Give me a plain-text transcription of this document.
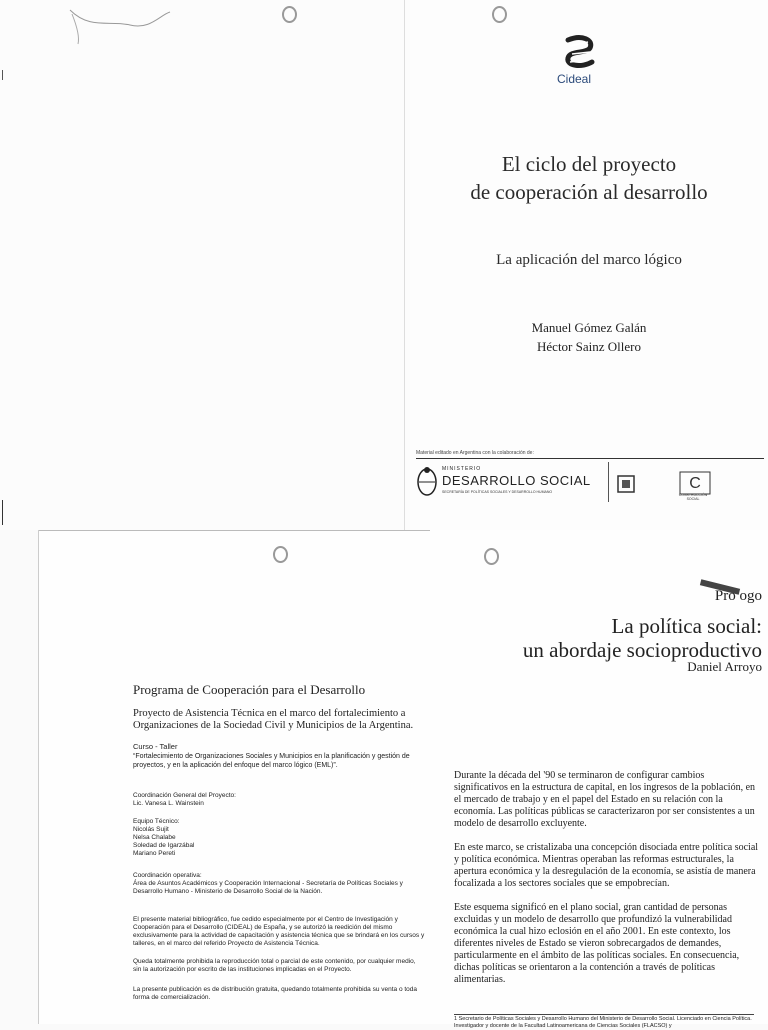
Cideal
El ciclo del proyecto
de cooperación al desarrollo
La aplicación del marco lógico
Manuel Gómez Galán
Héctor Sainz Ollero
Material editado en Argentina con la colaboración de:
MINISTERIO
DESARROLLO SOCIAL
SECRETARÍA DE POLÍTICAS SOCIALES Y DESARROLLO HUMANO	C
CONSTRUCCIÓN SOCIAL
Programa de Cooperación para el Desarrollo
Proyecto de Asistencia Técnica en el marco del fortalecimiento a Organizaciones de la Sociedad Civil y Municipios de la Argentina.
Curso - Taller
“Fortalecimiento de Organizaciones Sociales y Municipios en la planificación y gestión de proyectos, y en la aplicación del enfoque del marco lógico (EML)”.
Coordinación General del Proyecto:
Lic. Vanesa L. Wainstein
Equipo Técnico:
Nicolás Sujit
Nelsa Chalabe
Soledad de Igarzábal
Mariano Pereti
Coordinación operativa:
Área de Asuntos Académicos y Cooperación Internacional - Secretaría de Políticas Sociales y Desarrollo Humano - Ministerio de Desarrollo Social de la Nación.
El presente material bibliográfico, fue cedido especialmente por el Centro de Investigación y Cooperación para el Desarrollo (CIDEAL) de España, y se autorizó la reedición del mismo exclusivamente para la actividad de capacitación y asistencia técnica que se brindará en los cursos y talleres, en el marco del referido Proyecto de Asistencia Técnica.
Queda totalmente prohibida la reproducción total o parcial de este contenido, por cualquier medio, sin la autorización por escrito de las instituciones implicadas en el Proyecto.
La presente publicación es de distribución gratuita, quedando totalmente prohibida su venta o toda forma de comercialización.
Pro ogo
La política social:
un abordaje socioproductivo
Daniel Arroyo
Durante la década del '90 se terminaron de configurar cambios significativos en la estructura de capital, en los ingresos de la población, en el mercado de trabajo y en el papel del Estado en su relación con la economía. Las políticas públicas se caracterizaron por ser consistentes a un modelo de desarrollo excluyente.
En este marco, se cristalizaba una concepción disociada entre política social y política económica. Mientras operaban las reformas estructurales, la apertura económica y la desregulación de la economía, se asistía de manera focalizada a los sectores sociales que se empobrecían.
Este esquema significó en el plano social, gran cantidad de personas excluidas y un modelo de desarrollo que profundizó la vulnerabilidad económica la cual hizo eclosión en el año 2001. En este contexto, los diferentes niveles de Estado se vieron sobrecargados de demandes, particularmente en el ámbito de las políticas sociales. En consecuencia, dichas políticas se orientaron a la contención a través de políticas alimentarias.
1 Secretario de Políticas Sociales y Desarrollo Humano del Ministerio de Desarrollo Social. Licenciado en Ciencia Política. Investigador y docente de la Facultad Latinoamericana de Ciencias Sociales (FLACSO) y
